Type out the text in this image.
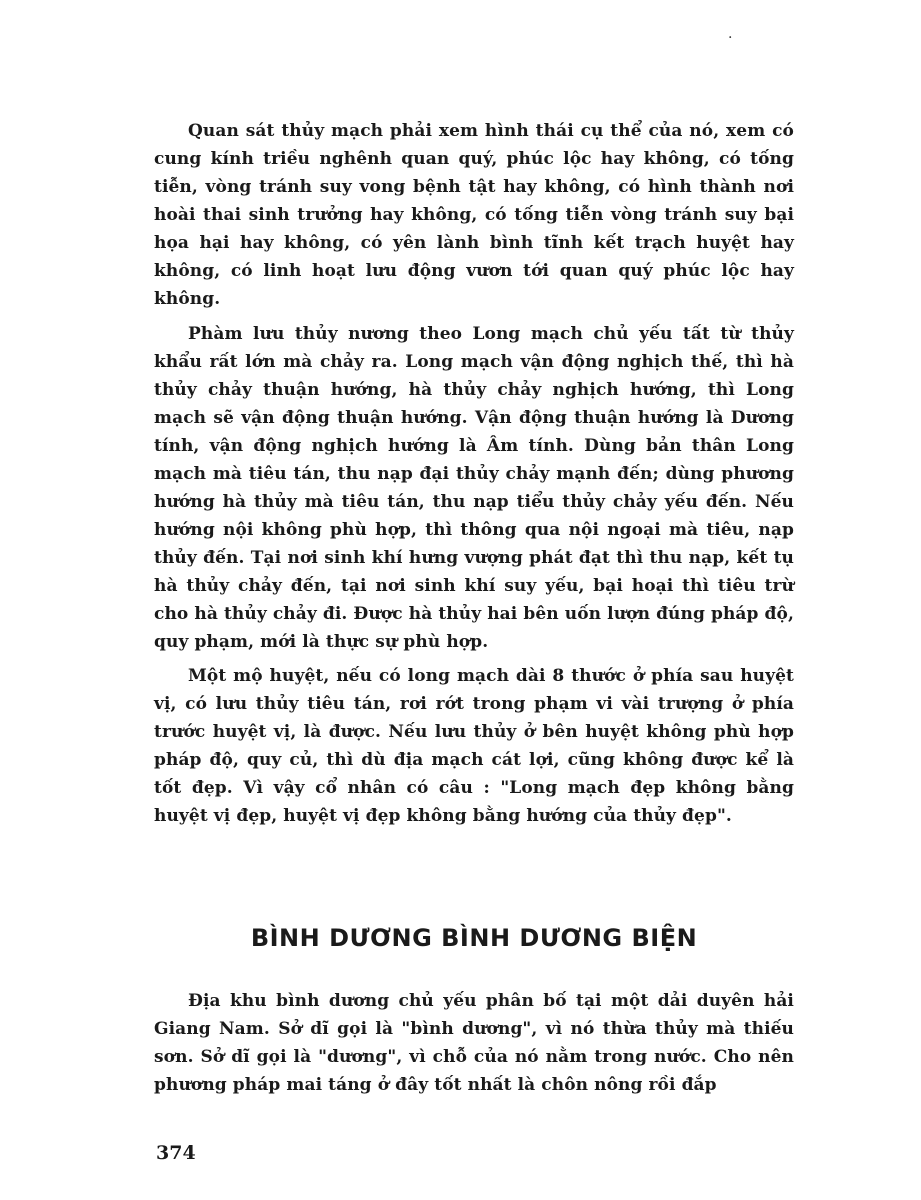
.

Quan sát thủy mạch phải xem hình thái cụ thể của nó, xem có cung kính triều nghênh quan quý, phúc lộc hay không, có tống tiễn, vòng tránh suy vong bệnh tật hay không, có hình thành nơi hoài thai sinh trưởng hay không, có tống tiễn vòng tránh suy bại họa hại hay không, có yên lành bình tĩnh kết trạch huyệt hay không, có linh hoạt lưu động vươn tới quan quý phúc lộc hay không.

Phàm lưu thủy nương theo Long mạch chủ yếu tất từ thủy khẩu rất lớn mà chảy ra. Long mạch vận động nghịch thế, thì hà thủy chảy thuận hướng, hà thủy chảy nghịch hướng, thì Long mạch sẽ vận động thuận hướng. Vận động thuận hướng là Dương tính, vận động nghịch hướng là Âm tính. Dùng bản thân Long mạch mà tiêu tán, thu nạp đại thủy chảy mạnh đến; dùng phương hướng hà thủy mà tiêu tán, thu nạp tiểu thủy chảy yếu đến. Nếu hướng nội không phù hợp, thì thông qua nội ngoại mà tiêu, nạp thủy đến. Tại nơi sinh khí hưng vượng phát đạt thì thu nạp, kết tụ hà thủy chảy đến, tại nơi sinh khí suy yếu, bại hoại thì tiêu trừ cho hà thủy chảy đi. Được hà thủy hai bên uốn lượn đúng pháp độ, quy phạm, mới là thực sự phù hợp.

Một mộ huyệt, nếu có long mạch dài 8 thước ở phía sau huyệt vị, có lưu thủy tiêu tán, rơi rớt trong phạm vi vài trượng ở phía trước huyệt vị, là được. Nếu lưu thủy ở bên huyệt không phù hợp pháp độ, quy củ, thì dù địa mạch cát lợi, cũng không được kể là tốt đẹp. Vì vậy cổ nhân có câu : "Long mạch đẹp không bằng huyệt vị đẹp, huyệt vị đẹp không bằng hướng của thủy đẹp".

BÌNH DƯƠNG BÌNH DƯƠNG BIỆN

Địa khu bình dương chủ yếu phân bố tại một dải duyên hải Giang Nam. Sở dĩ gọi là "bình dương", vì nó thừa thủy mà thiếu sơn. Sở dĩ gọi là "dương", vì chỗ của nó nằm trong nước. Cho nên phương pháp mai táng ở đây tốt nhất là chôn nông rồi đắp

374
